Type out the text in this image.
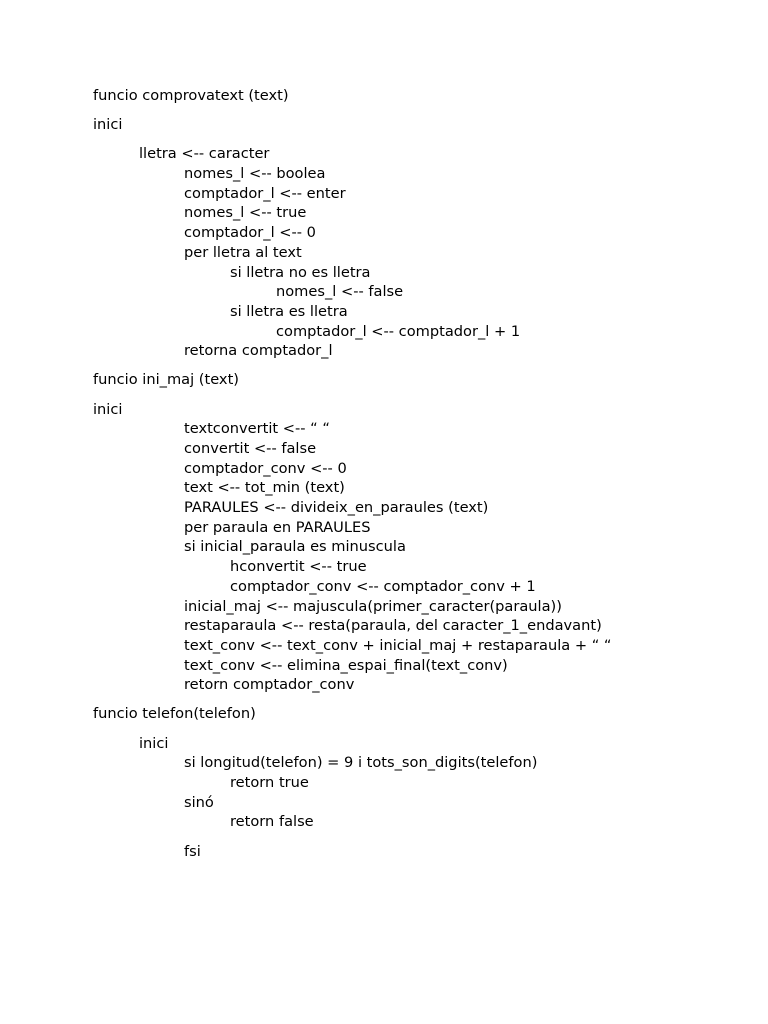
funcio comprovatext (text)
inici
lletra <-- caracter
nomes_l <-- boolea
comptador_l <-- enter
nomes_l <-- true
comptador_l <-- 0
per lletra al text
si lletra no es lletra
nomes_l <-- false
si lletra es lletra
comptador_l <-- comptador_l + 1
retorna comptador_l
funcio ini_maj (text)
inici
textconvertit <-- “ “
convertit <-- false
comptador_conv <-- 0
text <-- tot_min (text)
PARAULES <-- divideix_en_paraules (text)
per paraula en PARAULES
si inicial_paraula es minuscula
hconvertit <-- true
comptador_conv <-- comptador_conv + 1
inicial_maj <-- majuscula(primer_caracter(paraula))
restaparaula <-- resta(paraula, del caracter_1_endavant)
text_conv <-- text_conv + inicial_maj + restaparaula + “ “
text_conv <-- elimina_espai_final(text_conv)
retorn comptador_conv
funcio telefon(telefon)
inici
si longitud(telefon) = 9 i tots_son_digits(telefon)
retorn true
sinó
retorn false
fsi
